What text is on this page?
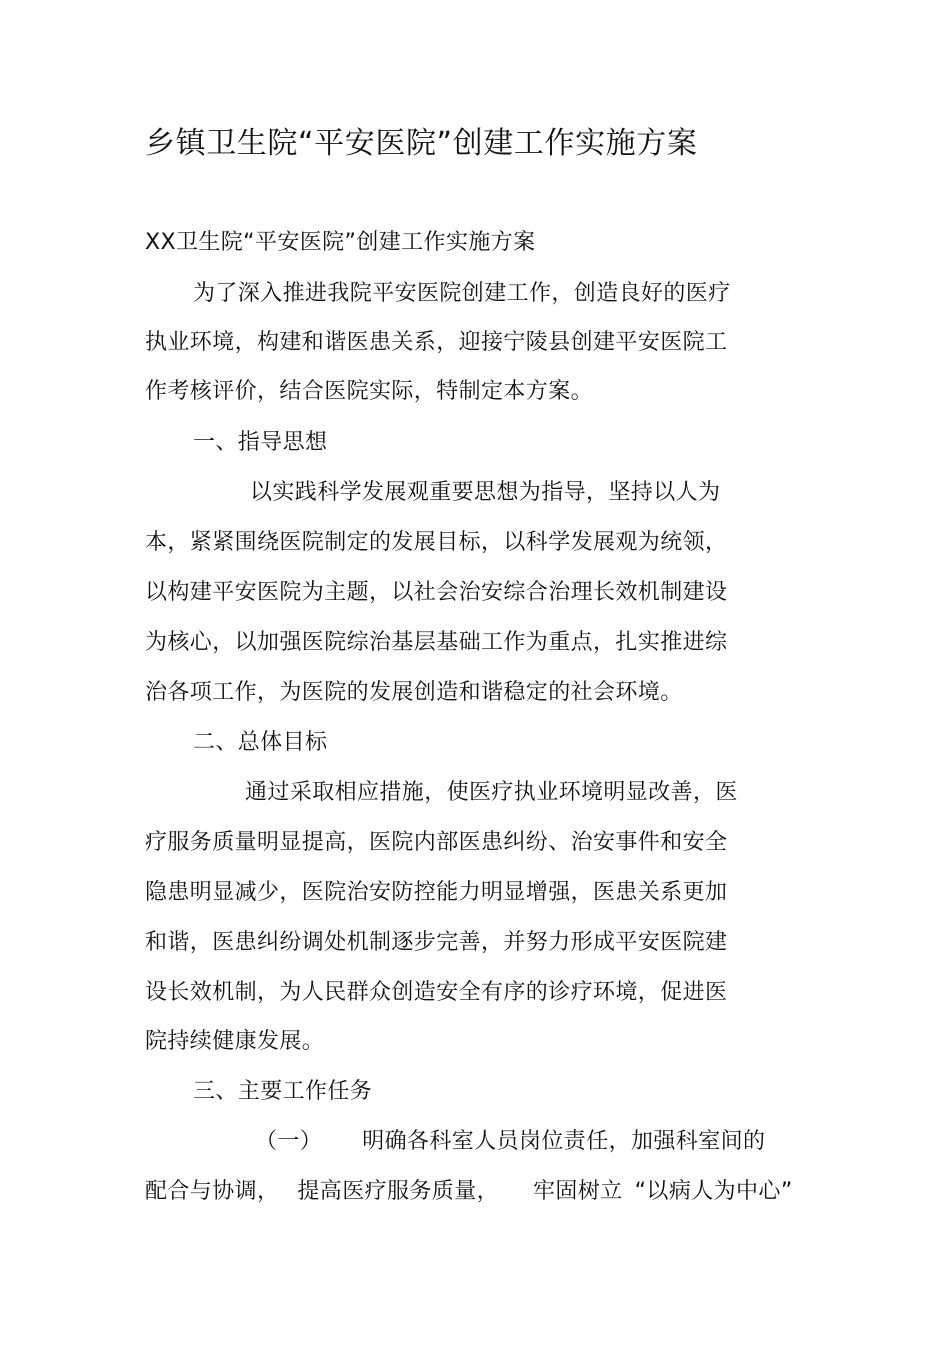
乡镇卫生院“平安医院”创建工作实施方案
XX卫生院“平安医院”创建工作实施方案
为了深入推进我院平安医院创建工作，创造良好的医疗
执业环境，构建和谐医患关系，迎接宁陵县创建平安医院工
作考核评价，结合医院实际，特制定本方案。
一、指导思想
以实践科学发展观重要思想为指导，坚持以人为
本，紧紧围绕医院制定的发展目标，以科学发展观为统领，
以构建平安医院为主题，以社会治安综合治理长效机制建设
为核心，以加强医院综治基层基础工作为重点，扎实推进综
治各项工作，为医院的发展创造和谐稳定的社会环境。
二、总体目标
通过采取相应措施，使医疗执业环境明显改善，医
疗服务质量明显提高，医院内部医患纠纷、治安事件和安全
隐患明显减少，医院治安防控能力明显增强，医患关系更加
和谐，医患纠纷调处机制逐步完善，并努力形成平安医院建
设长效机制，为人民群众创造安全有序的诊疗环境，促进医
院持续健康发展。
三、主要工作任务
（一） 明确各科室人员岗位责任，加强科室间的
配合与协调， 提高医疗服务质量， 牢固树立 “以病人为中心”
